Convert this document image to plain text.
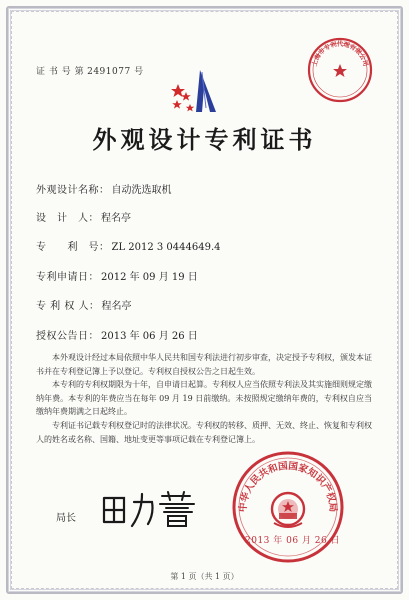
证 书 号 第 2491077 号
上海市专利代理有限公司
外观设计专利证书
外观设计名称： 自动洗选取机
设　计　人： 程名亭
专　　利　号： ZL 2012 3 0444649.4
专利申请日： 2012 年 09 月 19 日
专 利 权 人： 程名亭
授权公告日： 2013 年 06 月 26 日

本外观设计经过本局依照中华人民共和国专利法进行初步审查，决定授予专利权，颁发本证书并在专利登记簿上予以登记。专利权自授权公告之日起生效。

本专利的专利权期限为十年，自申请日起算。专利权人应当依照专利法及其实施细则规定缴纳年费。本专利的年费应当在每年 09 月 19 日前缴纳。未按照规定缴纳年费的，专利权自应当缴纳年费期满之日起终止。

专利证书记载专利权登记时的法律状况。专利权的转移、质押、无效、终止、恢复和专利权人的姓名或名称、国籍、地址变更等事项记载在专利登记簿上。

局长
中华人民共和国国家知识产权局
2013 年 06 月 26 日
第 1 页（共 1 页）
